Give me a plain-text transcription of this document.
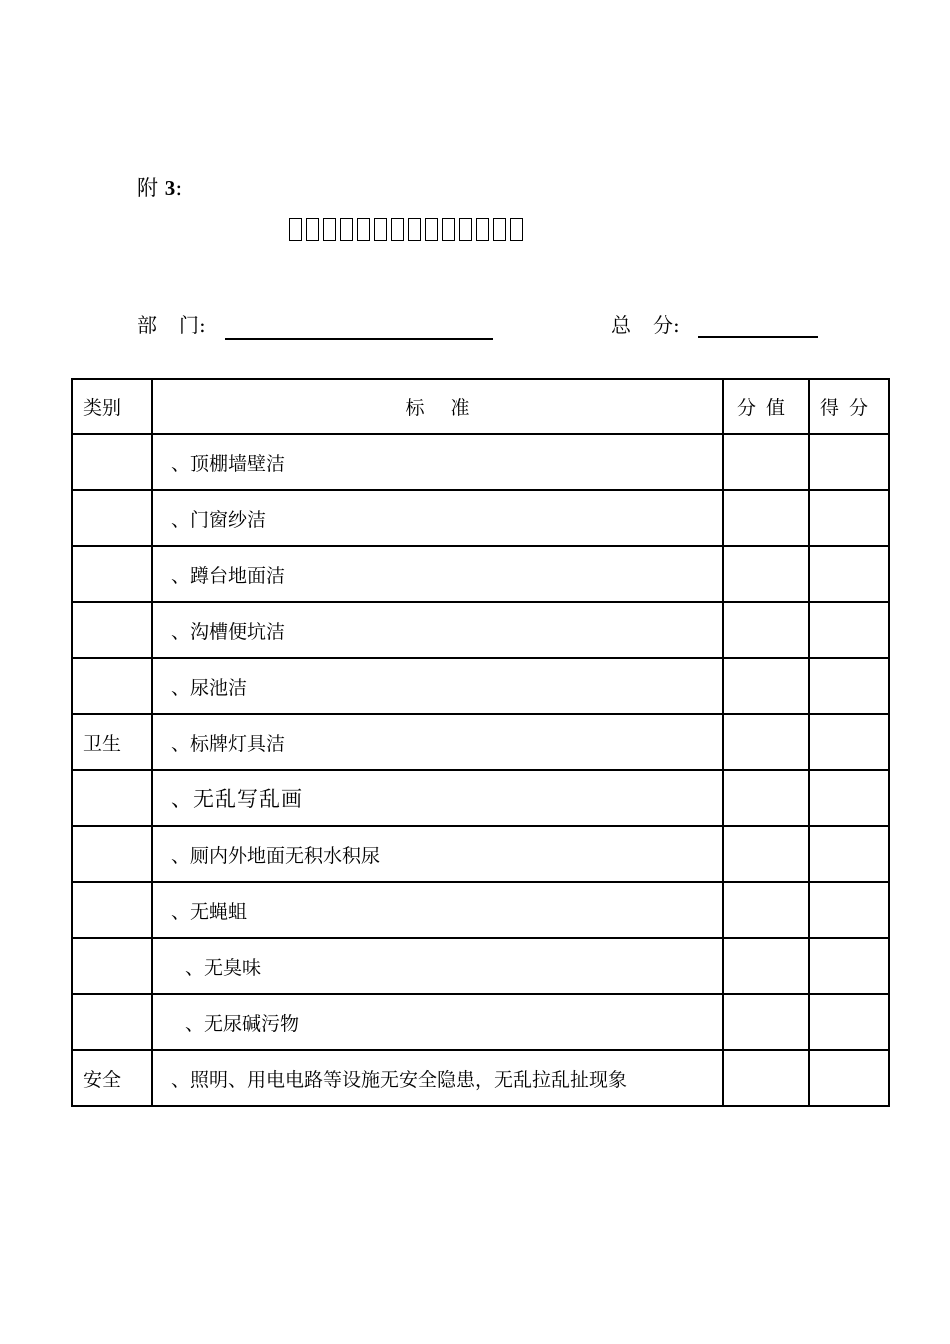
附 3:
部 门:	总 分:
类别	标准	分值	得分
	、顶棚墙壁洁		
	、门窗纱洁		
	、蹲台地面洁		
	、沟槽便坑洁		
	、尿池洁		
卫生	、标牌灯具洁		
	、无乱写乱画		
	、厕内外地面无积水积尿		
	、无蝇蛆		
	、无臭味		
	、无尿碱污物		
安全	、照明、用电电路等设施无安全隐患，无乱拉乱扯现象		
